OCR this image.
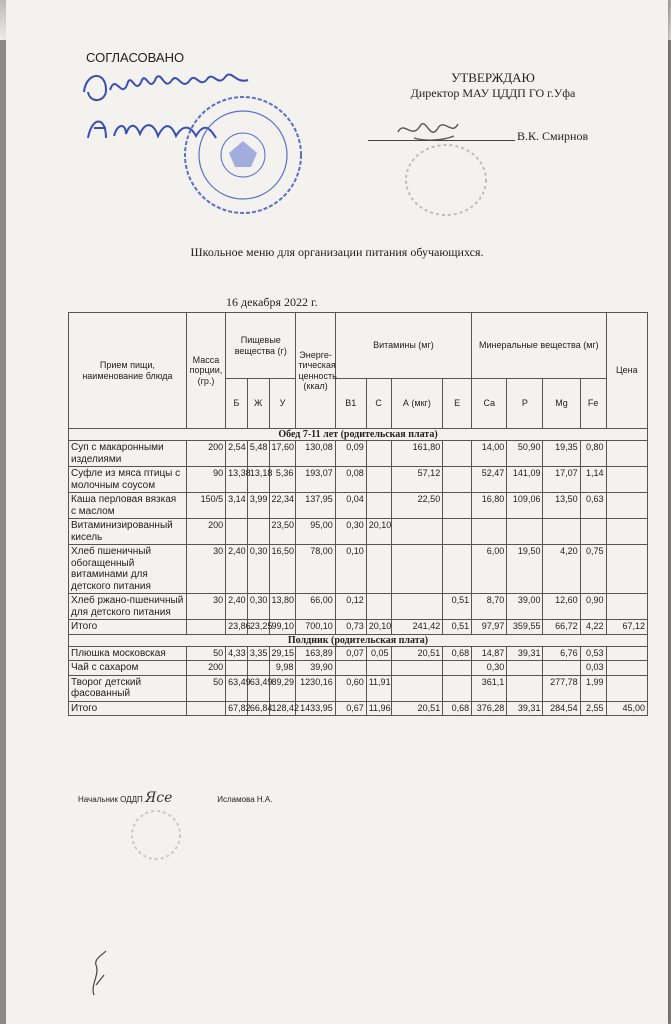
СОГЛАСОВАНО
УТВЕРЖДАЮ
Директор МАУ ЦДДП ГО г.Уфа
В.К. Смирнов
Школьное меню для организации питания обучающихся.
16 декабря 2022 г.
Прием пищи, наименование блюда	Масса порции, (гр.)	Пищевые вещества (г)			Энерге-тическая ценность (ккал)	Витамины (мг)				Минеральные вещества (мг)				Цена
		Б	Ж	У		B1	C	А (мкг)	Е	Ca	P	Mg	Fe	
Обед 7-11 лет (родительская плата)														
Суп с макаронными изделиями	200	2,54	5,48	17,60	130,08	0,09		161,80		14,00	50,90	19,35	0,80	
Суфле из мяса птицы с молочным соусом	90	13,38	13,18	5,36	193,07	0,08		57,12		52,47	141,09	17,07	1,14	
Каша перловая вязкая с маслом	150/5	3,14	3,99	22,34	137,95	0,04		22,50		16,80	109,06	13,50	0,63	
Витаминизированный кисель	200			23,50	95,00	0,30	20,10							
Хлеб пшеничный обогащенный витаминами для детского питания	30	2,40	0,30	16,50	78,00	0,10				6,00	19,50	4,20	0,75	
Хлеб ржано-пшеничный для детского питания	30	2,40	0,30	13,80	66,00	0,12			0,51	8,70	39,00	12,60	0,90	
Итого		23,86	23,25	99,10	700,10	0,73	20,10	241,42	0,51	97,97	359,55	66,72	4,22	67,12
Полдник (родительская плата)														
Плюшка московская	50	4,33	3,35	29,15	163,89	0,07	0,05	20,51	0,68	14,87	39,31	6,76	0,53	
Чай с сахаром	200			9,98	39,90					0,30			0,03	
Творог детский фасованный	50	63,49	63,49	89,29	1230,16	0,60	11,91			361,1		277,78	1,99	
Итого		67,82	66,84	128,42	1433,95	0,67	11,96	20,51	0,68	376,28	39,31	284,54	2,55	45,00
Начальник ОДДП Ясе	Исламова Н.А.
